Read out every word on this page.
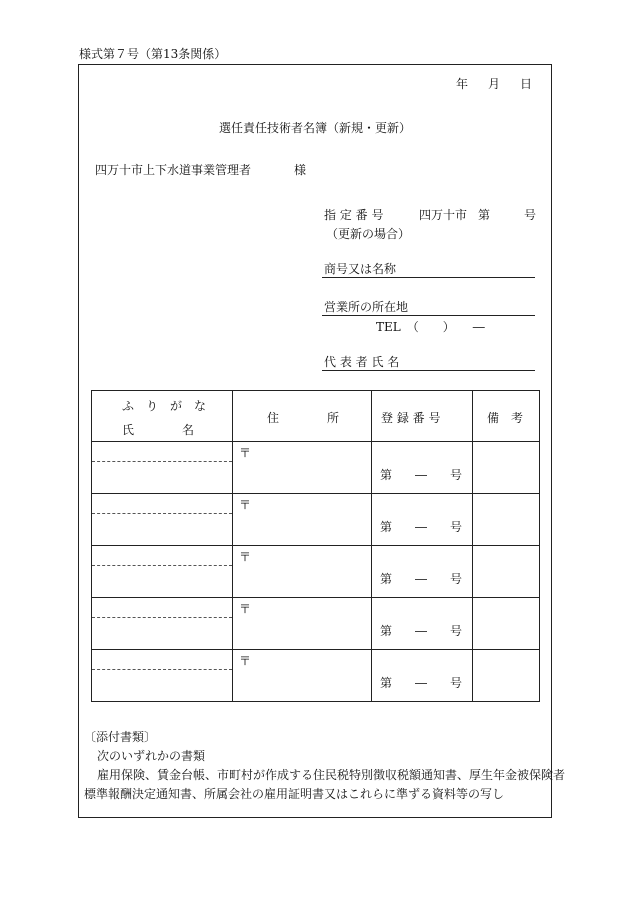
様式第７号（第13条関係）
年 月 日
選任責任技術者名簿（新規・更新）
四万十市上下水道事業管理者	様
指 定 番 号	四万十市 第	号
（更新の場合）
商号又は名称
営業所の所在地
TEL　（　　）　　―
代 表 者 氏 名
ふ　り　が　な
氏　　　　名	住　　　　所	登 録 番 号	備　考

	〒	第 ― 号	

	〒	第 ― 号	

	〒	第 ― 号	

	〒	第 ― 号	

	〒	第 ― 号	

〔添付書類〕
次のいずれかの書類
雇用保険、賃金台帳、市町村が作成する住民税特別徴収税額通知書、厚生年金被保険者
標準報酬決定通知書、所属会社の雇用証明書又はこれらに準ずる資料等の写し
